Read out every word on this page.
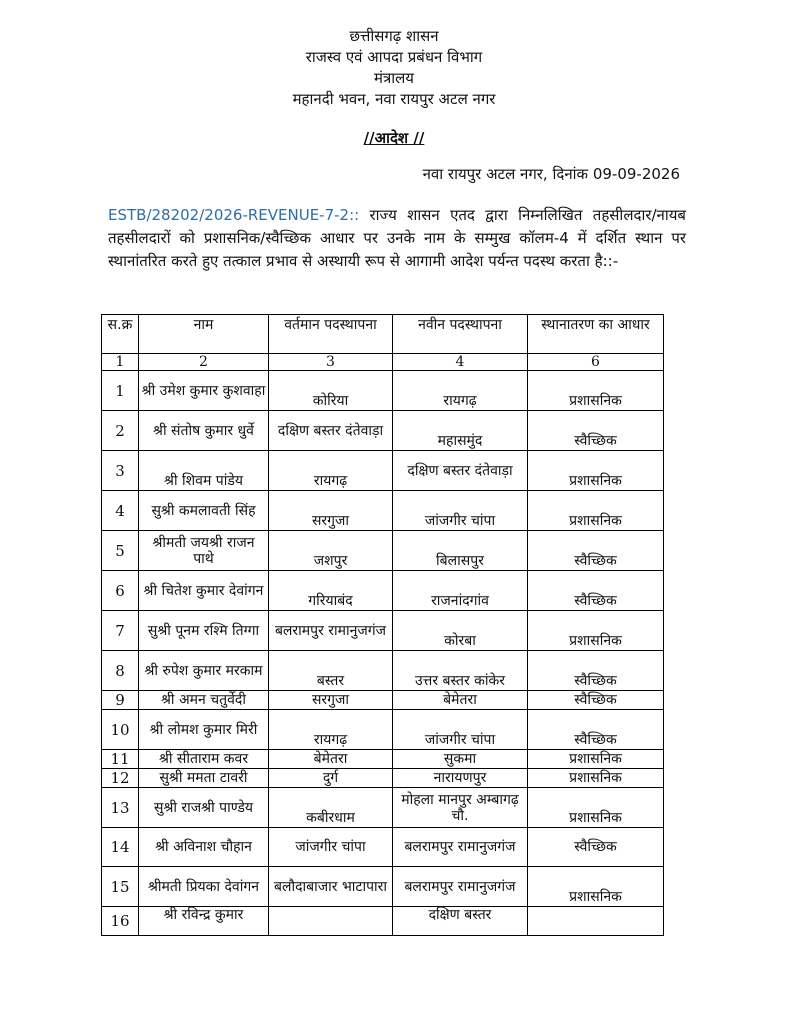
छत्तीसगढ़ शासन
राजस्व एवं आपदा प्रबंधन विभाग
मंत्रालय
महानदी भवन, नवा रायपुर अटल नगर
//आदेश //
नवा रायपुर अटल नगर, दिनांक 09-09-2026
ESTB/28202/2026-REVENUE-7-2:: राज्य शासन एतद द्वारा निम्नलिखित तहसीलदार/नायब तहसीलदारों को प्रशासनिक/स्वैच्छिक आधार पर उनके नाम के सम्मुख कॉलम-4 में दर्शित स्थान पर स्थानांतरित करते हुए तत्काल प्रभाव से अस्थायी रूप से आगामी आदेश पर्यन्त पदस्थ करता है::-
स.क्र	नाम	वर्तमान पदस्थापना	नवीन पदस्थापना	स्थानातरण का आधार
1	2	3	4	6
1	श्री उमेश कुमार कुशवाहा	कोरिया	रायगढ़	प्रशासनिक
2	श्री संतोष कुमार धुर्वे	दक्षिण बस्तर दंतेवाड़ा	महासमुंद	स्वैच्छिक
3	श्री शिवम पांडेय	रायगढ़	दक्षिण बस्तर दंतेवाड़ा	प्रशासनिक
4	सुश्री कमलावती सिंह	सरगुजा	जांजगीर चांपा	प्रशासनिक
5	श्रीमती जयश्री राजन पाथे	जशपुर	बिलासपुर	स्वैच्छिक
6	श्री चितेश कुमार देवांगन	गरियाबंद	राजनांदगांव	स्वैच्छिक
7	सुश्री पूनम रश्मि तिग्गा	बलरामपुर रामानुजगंज	कोरबा	प्रशासनिक
8	श्री रुपेश कुमार मरकाम	बस्तर	उत्तर बस्तर कांकेर	स्वैच्छिक
9	श्री अमन चतुर्वेदी	सरगुजा	बेमेतरा	स्वैच्छिक
10	श्री लोमश कुमार मिरी	रायगढ़	जांजगीर चांपा	स्वैच्छिक
11	श्री सीताराम कवर	बेमेतरा	सुकमा	प्रशासनिक
12	सुश्री ममता टावरी	दुर्ग	नारायणपुर	प्रशासनिक
13	सुश्री राजश्री पाण्डेय	कबीरधाम	मोहला मानपुर अम्बागढ़ चौ.	प्रशासनिक
14	श्री अविनाश चौहान	जांजगीर चांपा	बलरामपुर रामानुजगंज	स्वैच्छिक
15	श्रीमती प्रियका देवांगन	बलौदाबाजार भाटापारा	बलरामपुर रामानुजगंज	प्रशासनिक
16	श्री रविन्द्र कुमार		दक्षिण बस्तर	
